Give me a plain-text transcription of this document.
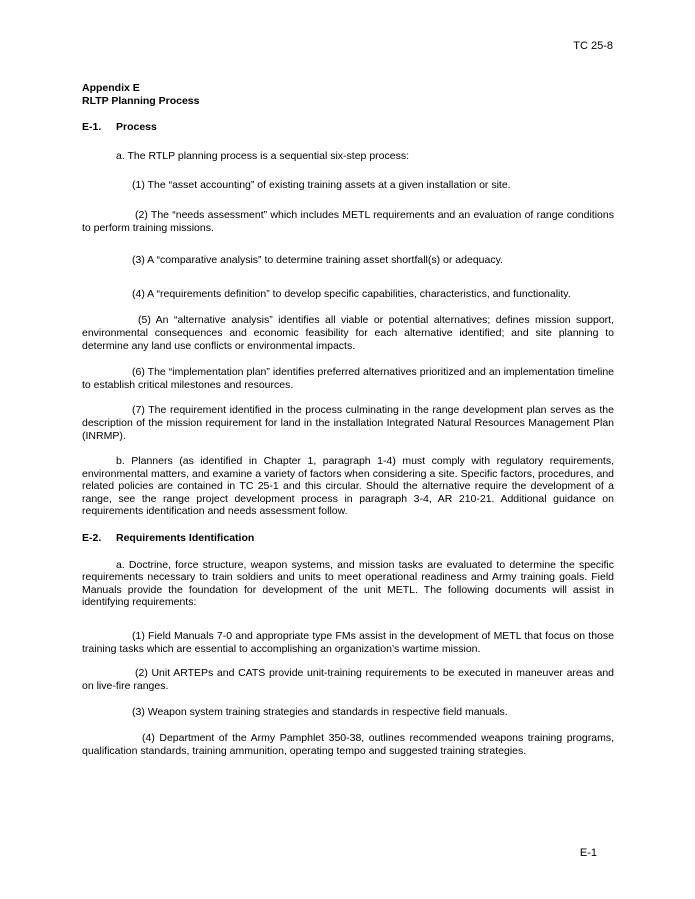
TC 25-8
Appendix E
RLTP Planning Process
E-1. Process

a. The RTLP planning process is a sequential six-step process:

(1) The “asset accounting” of existing training assets at a given installation or site.

(2) The “needs assessment” which includes METL requirements and an evaluation of range conditions to perform training missions.

(3) A “comparative analysis” to determine training asset shortfall(s) or adequacy.

(4) A “requirements definition” to develop specific capabilities, characteristics, and functionality.

(5) An “alternative analysis” identifies all viable or potential alternatives; defines mission support, environmental consequences and economic feasibility for each alternative identified; and site planning to determine any land use conflicts or environmental impacts.

(6) The “implementation plan” identifies preferred alternatives prioritized and an implementation timeline to establish critical milestones and resources.

(7) The requirement identified in the process culminating in the range development plan serves as the description of the mission requirement for land in the installation Integrated Natural Resources Management Plan (INRMP).

b. Planners (as identified in Chapter 1, paragraph 1-4) must comply with regulatory requirements, environmental matters, and examine a variety of factors when considering a site. Specific factors, procedures, and related policies are contained in TC 25-1 and this circular. Should the alternative require the development of a range, see the range project development process in paragraph 3-4, AR 210-21. Additional guidance on requirements identification and needs assessment follow.

E-2. Requirements Identification

a. Doctrine, force structure, weapon systems, and mission tasks are evaluated to determine the specific requirements necessary to train soldiers and units to meet operational readiness and Army training goals. Field Manuals provide the foundation for development of the unit METL. The following documents will assist in identifying requirements:

(1) Field Manuals 7-0 and appropriate type FMs assist in the development of METL that focus on those training tasks which are essential to accomplishing an organization’s wartime mission.

(2) Unit ARTEPs and CATS provide unit-training requirements to be executed in maneuver areas and on live-fire ranges.

(3) Weapon system training strategies and standards in respective field manuals.

(4) Department of the Army Pamphlet 350-38, outlines recommended weapons training programs, qualification standards, training ammunition, operating tempo and suggested training strategies.

E-1
